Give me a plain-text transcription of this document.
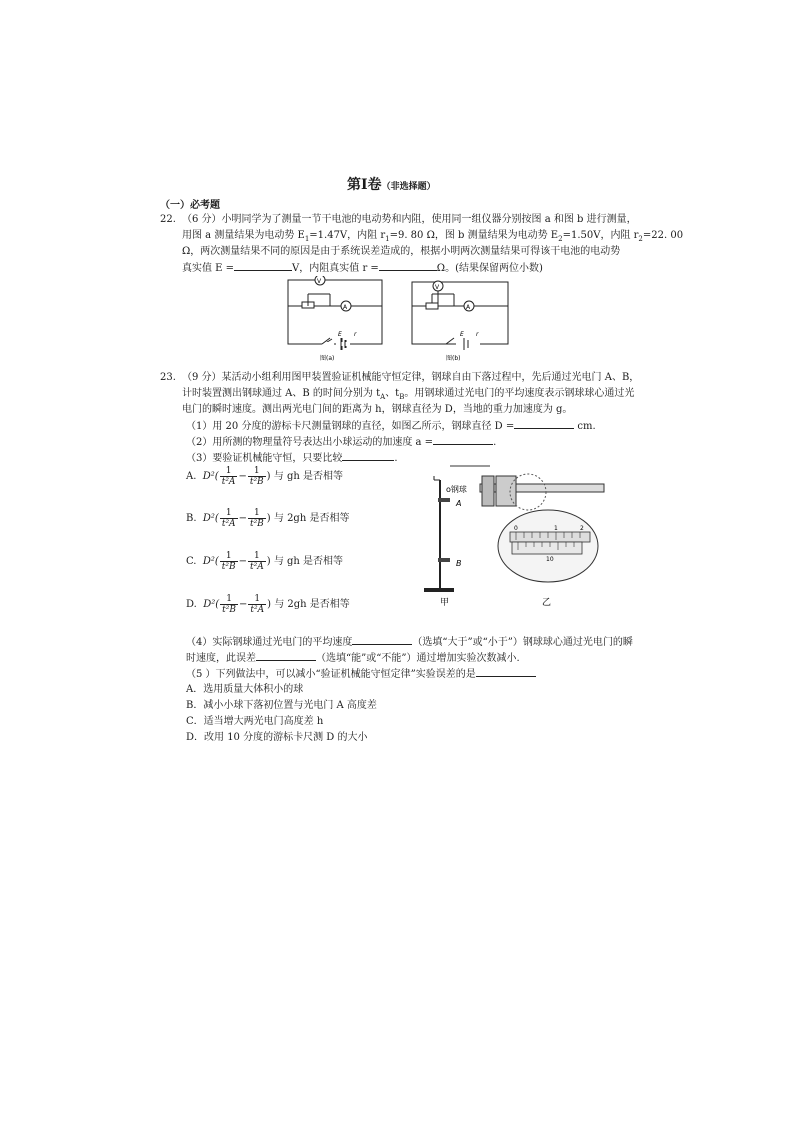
第Ⅰ卷（非选择题）
（一）必考题
22. （6 分）小明同学为了测量一节干电池的电动势和内阻，使用同一组仪器分别按图 a 和图 b 进行测量，
用图 a 测量结果为电动势 $E_1=1.47V$，内阻 $r_1=9$. 80 Ω，图 b 测量结果为电动势 $E_2=1.50V$，内阻 $r_2=22$. 00
Ω，两次测量结果不同的原因是由于系统误差造成的，根据小明两次测量结果可得该干电池的电动势
真实值 E =	V，内阻真实值 r =	Ω。(结果保留两位小数)
V
A
E r
图(a)
V
A
E r
图(b)
23. （9 分）某活动小组利用图甲装置验证机械能守恒定律，钢球自由下落过程中，先后通过光电门 A、B，
计时装置测出钢球通过 A、B 的时间分别为 $t_A$、$t_B$。用钢球通过光电门的平均速度表示钢球球心通过光
电门的瞬时速度。测出两光电门间的距离为 h，钢球直径为 D，当地的重力加速度为 g。
（1）用 20 分度的游标卡尺测量钢球的直径，如图乙所示，钢球直径 D =	cm.
（2）用所测的物理量符号表达出小球运动的加速度 a =	.
（3）要验证机械能守恒，只要比较	.
A. $D^2( \frac{1}{\text{t²A}} - \frac{1}{\text{t²B}}$ ) 与 gh 是否相等
B. $D^2( \frac{1}{\text{t²A}} - \frac{1}{\text{t²B}}$ ) 与 2gh 是否相等
C. $D^2( \frac{1}{\text{t²B}} - \frac{1}{\text{t²A}}$ ) 与 gh 是否相等
D. $D^2( \frac{1}{\text{t²B}} - \frac{1}{\text{t²A}}$ ) 与 2gh 是否相等
o钢球
A
B
甲
0	1	2
10
乙
（4）实际钢球通过光电门的平均速度	（选填“大于”或“小于”）钢球球心通过光电门的瞬
时速度，此误差	（选填“能”或“不能”）通过增加实验次数减小.
（5 ）下列做法中，可以减小“验证机械能守恒定律”实验误差的是
A．选用质量大体积小的球
B．减小小球下落初位置与光电门 A 高度差
C．适当增大两光电门高度差 h
D．改用 10 分度的游标卡尺测 D 的大小
